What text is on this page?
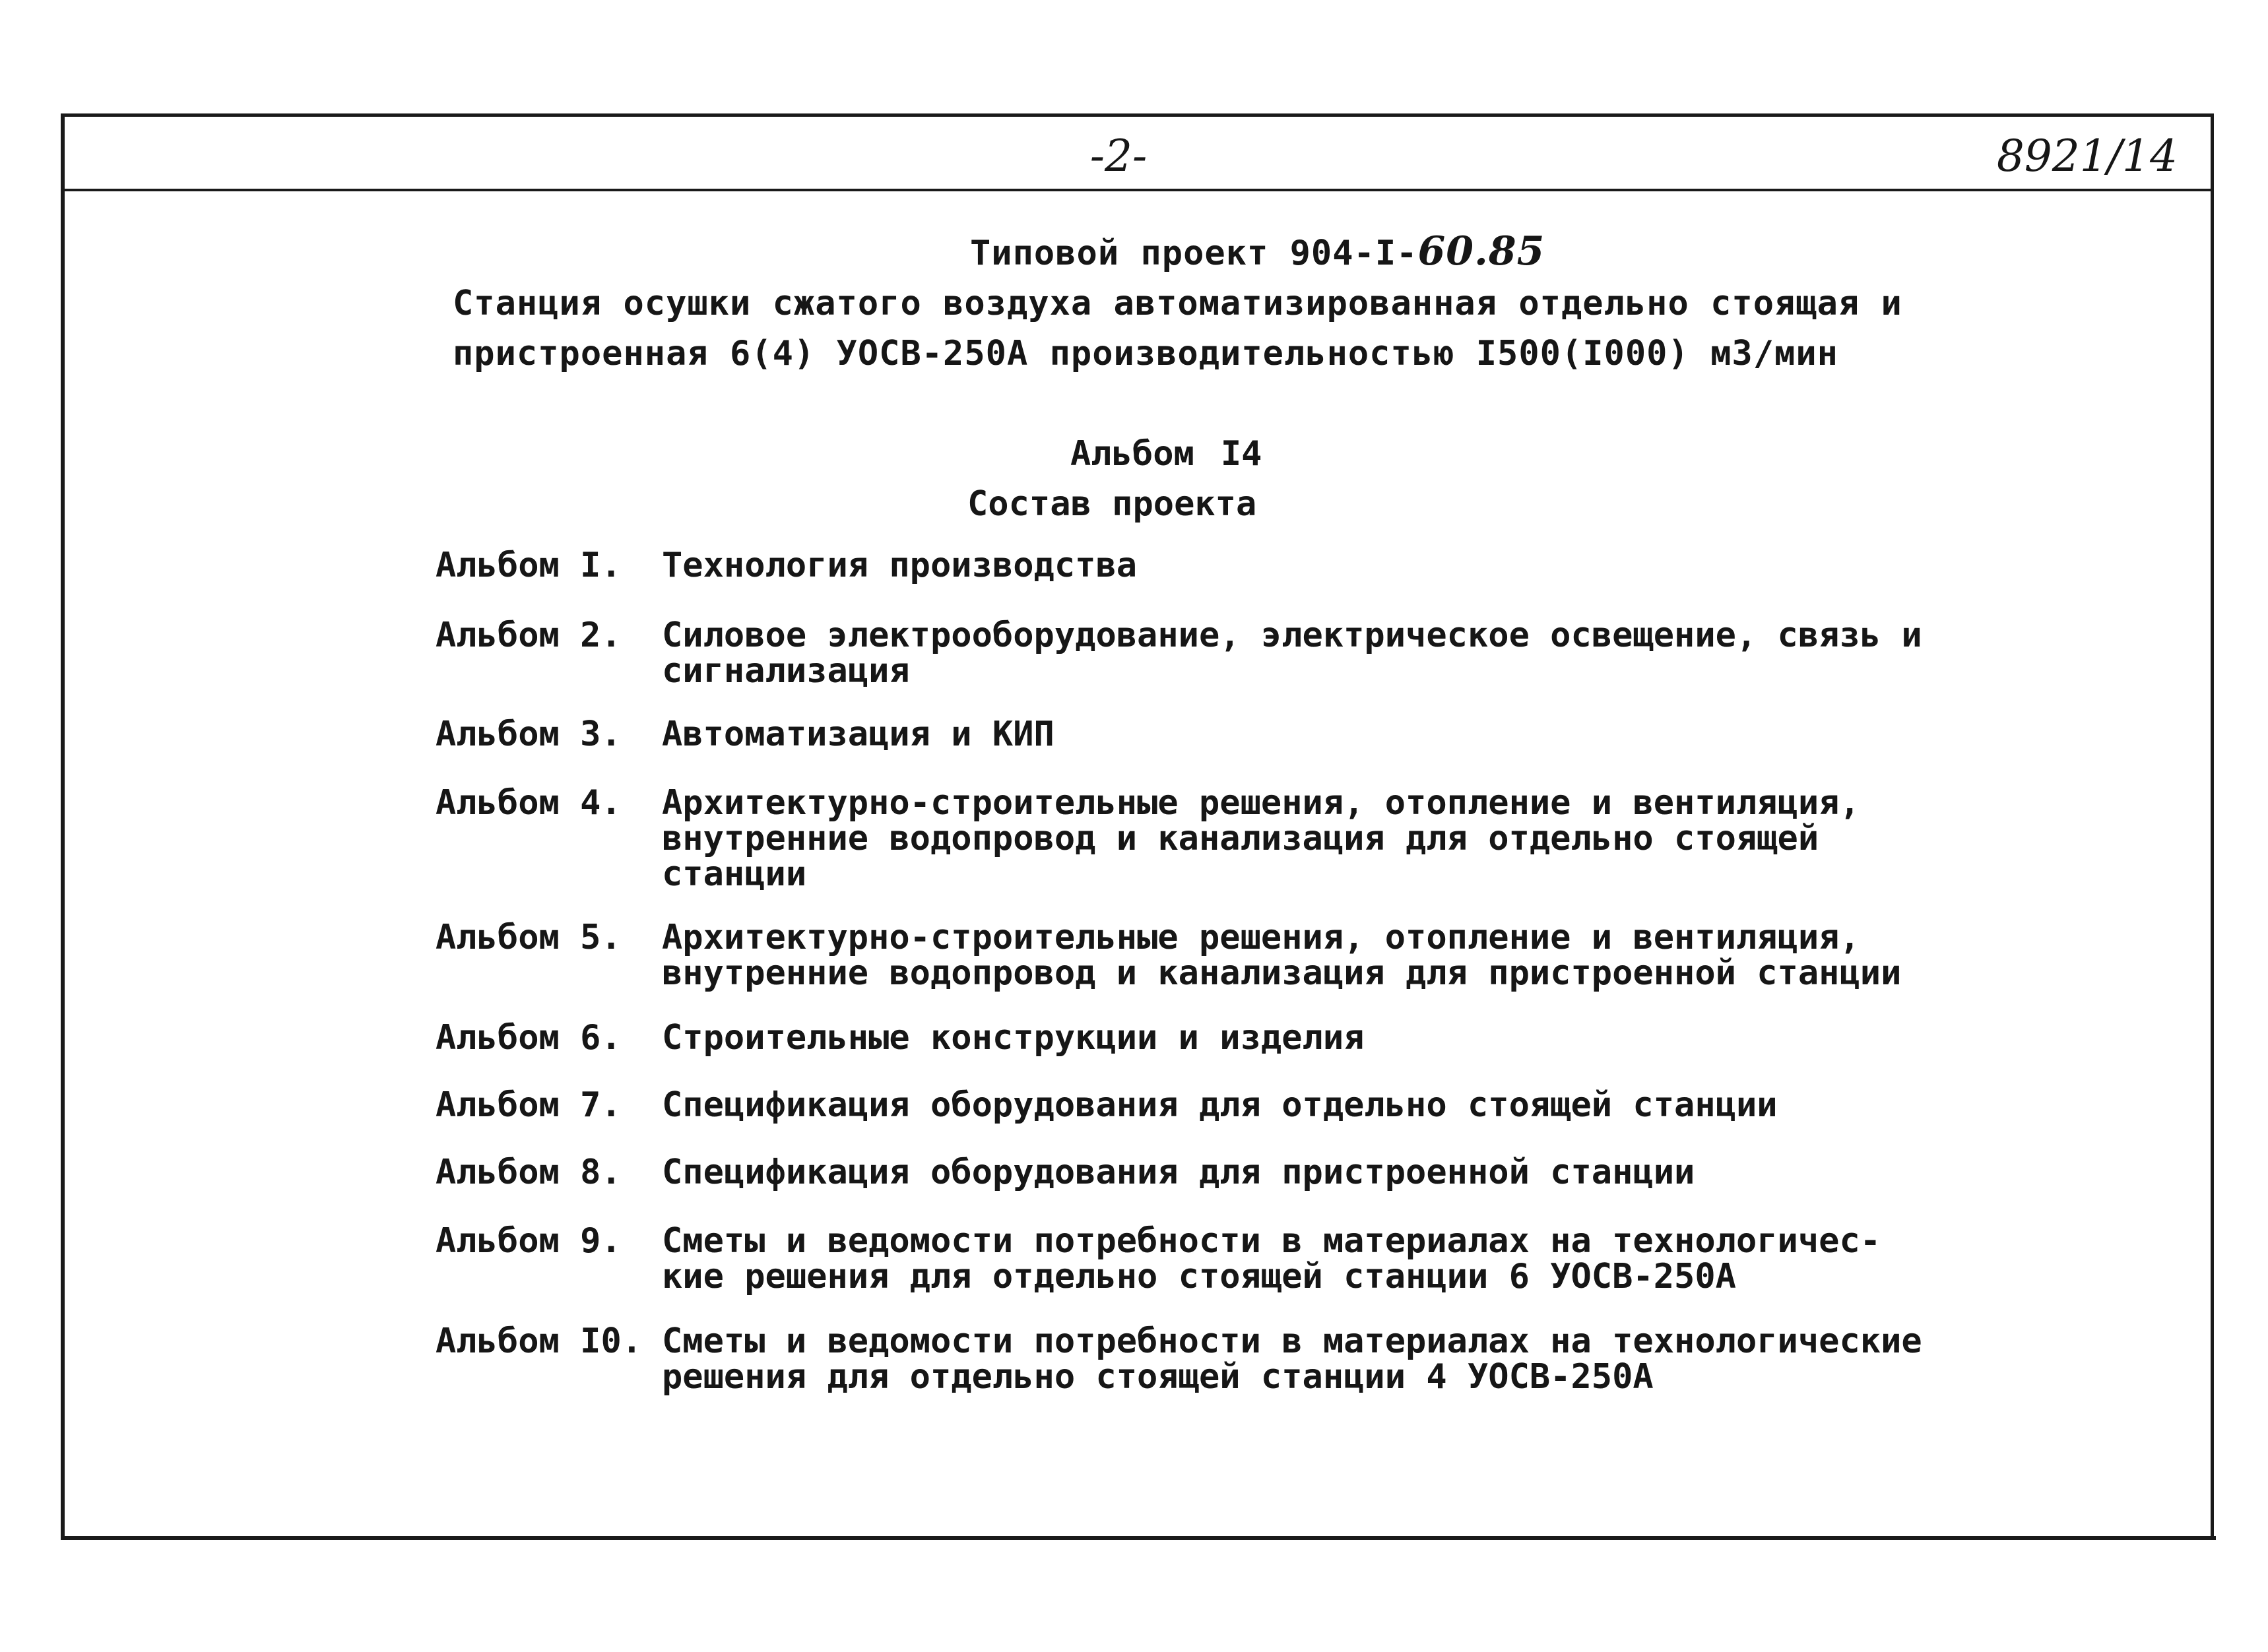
-2-	8921/14
Типовой проект 904-I-60.85
Станция осушки сжатого воздуха автоматизированная отдельно стоящая и
пристроенная 6(4) УОСВ-250А производительностью I500(I000) м3/мин
Альбом I4
Состав проекта
Альбом I.	Технология производства
Альбом 2.	Силовое электрооборудование, электрическое освещение, связь и
сигнализация
Альбом 3.	Автоматизация и КИП
Альбом 4.	Архитектурно-строительные решения, отопление и вентиляция,
внутренние водопровод и канализация для отдельно стоящей
станции
Альбом 5.	Архитектурно-строительные решения, отопление и вентиляция,
внутренние водопровод и канализация для пристроенной станции
Альбом 6.	Строительные конструкции и изделия
Альбом 7.	Спецификация оборудования для отдельно стоящей станции
Альбом 8.	Спецификация оборудования для пристроенной станции
Альбом 9.	Сметы и ведомости потребности в материалах на технологичес-
кие решения для отдельно стоящей станции 6 УОСВ-250А
Альбом I0. Сметы и ведомости потребности в материалах на технологические
решения для отдельно стоящей станции 4 УОСВ-250А
